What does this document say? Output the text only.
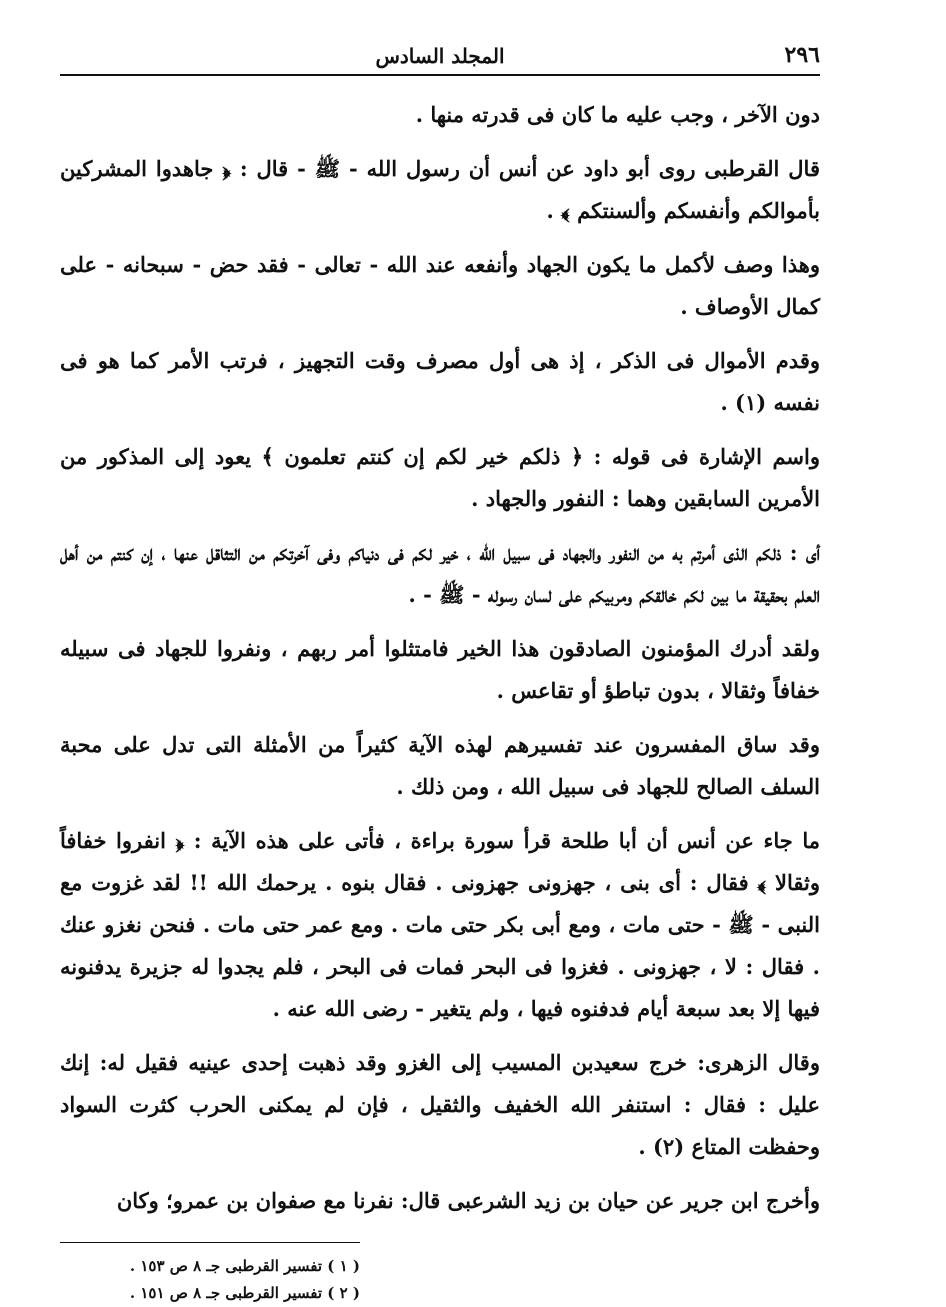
٢٩٦
المجلد السادس

دون الآخر ، وجب عليه ما كان فى قدرته منها .

قال القرطبى روى أبو داود عن أنس أن رسول الله - ﷺ - قال : ﴿ جاهدوا المشركين بأموالكم وأنفسكم وألسنتكم ﴾ .

وهذا وصف لأكمل ما يكون الجهاد وأنفعه عند الله - تعالى - فقد حض - سبحانه - على كمال الأوصاف .

وقدم الأموال فى الذكر ، إذ هى أول مصرف وقت التجهيز ، فرتب الأمر كما هو فى نفسه (١) .

واسم الإشارة فى قوله : ﴿ ذلكم خير لكم إن كنتم تعلمون ﴾ يعود إلى المذكور من الأمرين السابقين وهما : النفور والجهاد .

أى : ذلكم الذى أمرتم به من النفور والجهاد فى سبيل الله ، خير لكم فى دنياكم وفى آخرتكم من التثاقل عنها ، إن كنتم من أهل العلم بحقيقة ما بين لكم خالقكم ومربيكم على لسان رسوله - ﷺ - .

ولقد أدرك المؤمنون الصادقون هذا الخير فامتثلوا أمر ربهم ، ونفروا للجهاد فى سبيله خفافاً وثقالا ، بدون تباطؤ أو تقاعس .

وقد ساق المفسرون عند تفسيرهم لهذه الآية كثيراً من الأمثلة التى تدل على محبة السلف الصالح للجهاد فى سبيل الله ، ومن ذلك .

ما جاء عن أنس أن أبا طلحة قرأ سورة براءة ، فأتى على هذه الآية : ﴿ انفروا خفافاً وثقالا ﴾ فقال : أى بنى ، جهزونى جهزونى . فقال بنوه . يرحمك الله !! لقد غزوت مع النبى - ﷺ - حتى مات ، ومع أبى بكر حتى مات . ومع عمر حتى مات . فنحن نغزو عنك . فقال : لا ، جهزونى . فغزوا فى البحر فمات فى البحر ، فلم يجدوا له جزيرة يدفنونه فيها إلا بعد سبعة أيام فدفنوه فيها ، ولم يتغير - رضى الله عنه .

وقال الزهرى: خرج سعيدبن المسيب إلى الغزو وقد ذهبت إحدى عينيه فقيل له: إنك عليل : فقال : استنفر الله الخفيف والثقيل ، فإن لم يمكنى الحرب كثرت السواد وحفظت المتاع (٢) .

وأخرج ابن جرير عن حيان بن زيد الشرعبى قال: نفرنا مع صفوان بن عمرو؛ وكان

( ١ ) تفسير القرطبى جـ ٨ ص ١٥٣ .
( ٢ ) تفسير القرطبى جـ ٨ ص ١٥١ .
